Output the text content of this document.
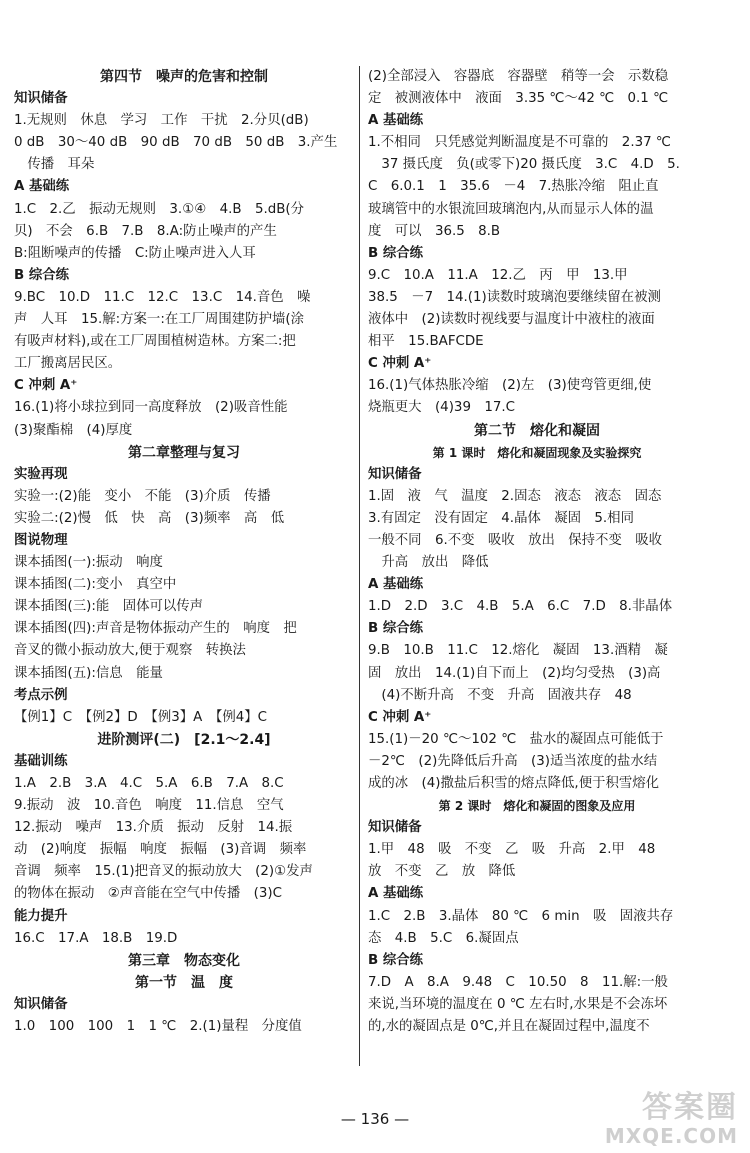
第四节　噪声的危害和控制
知识储备
1.无规则　休息　学习　工作　干扰　2.分贝(dB)
0 dB　30～40 dB　90 dB　70 dB　50 dB　3.产生
　传播　耳朵
A 基础练
1.C　2.乙　振动无规则　3.①④　4.B　5.dB(分
贝)　不会　6.B　7.B　8.A:防止噪声的产生
B:阻断噪声的传播　C:防止噪声进入人耳
B 综合练
9.BC　10.D　11.C　12.C　13.C　14.音色　噪
声　人耳　15.解:方案一:在工厂周围建防护墙(涂
有吸声材料),或在工厂周围植树造林。方案二:把
工厂搬离居民区。
C 冲刺 A⁺
16.(1)将小球拉到同一高度释放　(2)吸音性能
(3)聚酯棉　(4)厚度
第二章整理与复习
实验再现
实验一:(2)能　变小　不能　(3)介质　传播
实验二:(2)慢　低　快　高　(3)频率　高　低
图说物理
课本插图(一):振动　响度
课本插图(二):变小　真空中
课本插图(三):能　固体可以传声
课本插图(四):声音是物体振动产生的　响度　把
音叉的微小振动放大,便于观察　转换法
课本插图(五):信息　能量
考点示例
【例1】C　【例2】D　【例3】A　【例4】C
进阶测评(二)　[2.1～2.4]
基础训练
1.A　2.B　3.A　4.C　5.A　6.B　7.A　8.C
9.振动　波　10.音色　响度　11.信息　空气
12.振动　噪声　13.介质　振动　反射　14.振
动　(2)响度　振幅　响度　振幅　(3)音调　频率
音调　频率　15.(1)把音叉的振动放大　(2)①发声
的物体在振动　②声音能在空气中传播　(3)C
能力提升
16.C　17.A　18.B　19.D
第三章　物态变化
第一节　温　度
知识储备
1.0　100　100　1　1 ℃　2.(1)量程　分度值
(2)全部浸入　容器底　容器壁　稍等一会　示数稳
定　被测液体中　液面　3.35 ℃～42 ℃　0.1 ℃
A 基础练
1.不相同　只凭感觉判断温度是不可靠的　2.37 ℃
　37 摄氏度　负(或零下)20 摄氏度　3.C　4.D　5.
C　6.0.1　1　35.6　－4　7.热胀冷缩　阻止直
玻璃管中的水银流回玻璃泡内,从而显示人体的温
度　可以　36.5　8.B
B 综合练
9.C　10.A　11.A　12.乙　丙　甲　13.甲
38.5　－7　14.(1)读数时玻璃泡要继续留在被测
液体中　(2)读数时视线要与温度计中液柱的液面
相平　15.BAFCDE
C 冲刺 A⁺
16.(1)气体热胀冷缩　(2)左　(3)使弯管更细,使
烧瓶更大　(4)39　17.C
第二节　熔化和凝固
第 1 课时　熔化和凝固现象及实验探究
知识储备
1.固　液　气　温度　2.固态　液态　液态　固态
3.有固定　没有固定　4.晶体　凝固　5.相同
一般不同　6.不变　吸收　放出　保持不变　吸收
　升高　放出　降低
A 基础练
1.D　2.D　3.C　4.B　5.A　6.C　7.D　8.非晶体
B 综合练
9.B　10.B　11.C　12.熔化　凝固　13.酒精　凝
固　放出　14.(1)自下而上　(2)均匀受热　(3)高
　(4)不断升高　不变　升高　固液共存　48
C 冲刺 A⁺
15.(1)－20 ℃～102 ℃　盐水的凝固点可能低于
－2℃　(2)先降低后升高　(3)适当浓度的盐水结
成的冰　(4)撒盐后积雪的熔点降低,便于积雪熔化
第 2 课时　熔化和凝固的图象及应用
知识储备
1.甲　48　吸　不变　乙　吸　升高　2.甲　48
放　不变　乙　放　降低
A 基础练
1.C　2.B　3.晶体　80 ℃　6 min　吸　固液共存
态　4.B　5.C　6.凝固点
B 综合练
7.D　A　8.A　9.48　C　10.50　8　11.解:一般
来说,当环境的温度在 0 ℃ 左右时,水果是不会冻坏
的,水的凝固点是 0℃,并且在凝固过程中,温度不
— 136 —	答案圈
MXQE.COM
